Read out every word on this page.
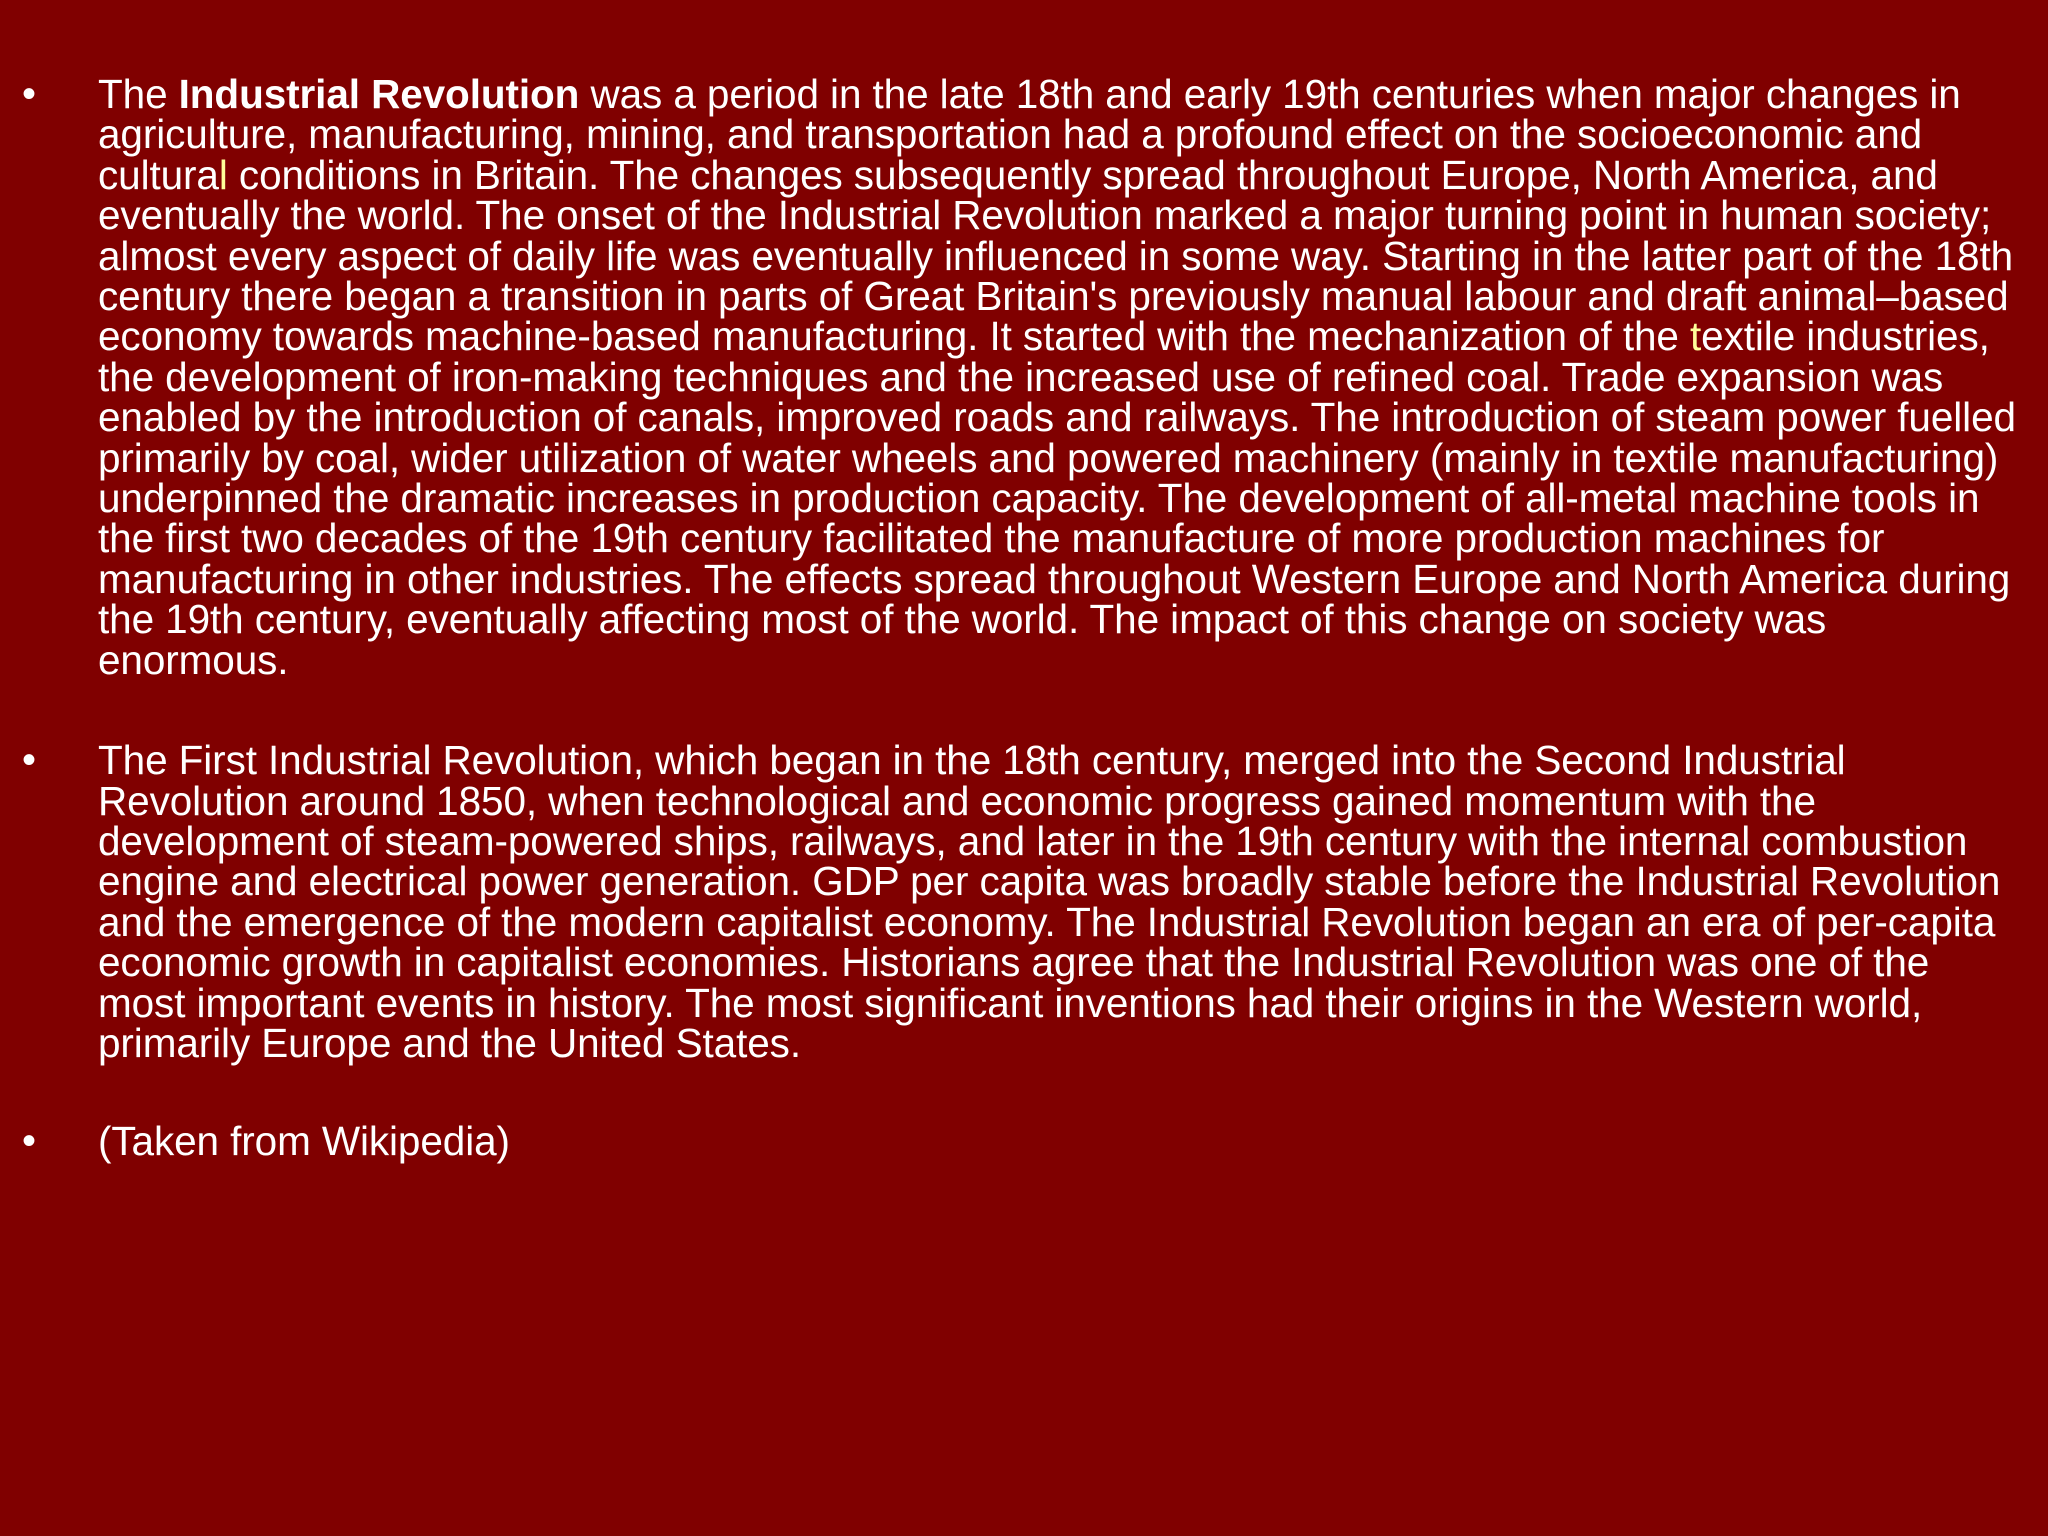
•	The Industrial Revolution was a period in the late 18th and early 19th centuries when major changes in agriculture, manufacturing, mining, and transportation had a profound effect on the socioeconomic and cultural conditions in Britain. The changes subsequently spread throughout Europe, North America, and eventually the world. The onset of the Industrial Revolution marked a major turning point in human society; almost every aspect of daily life was eventually influenced in some way. Starting in the latter part of the 18th century there began a transition in parts of Great Britain's previously manual labour and draft animal–based economy towards machine-based manufacturing. It started with the mechanization of the textile industries, the development of iron-making techniques and the increased use of refined coal. Trade expansion was enabled by the introduction of canals, improved roads and railways. The introduction of steam power fuelled primarily by coal, wider utilization of water wheels and powered machinery (mainly in textile manufacturing) underpinned the dramatic increases in production capacity. The development of all-metal machine tools in the first two decades of the 19th century facilitated the manufacture of more production machines for manufacturing in other industries. The effects spread throughout Western Europe and North America during the 19th century, eventually affecting most of the world. The impact of this change on society was enormous.

•	The First Industrial Revolution, which began in the 18th century, merged into the Second Industrial Revolution around 1850, when technological and economic progress gained momentum with the development of steam-powered ships, railways, and later in the 19th century with the internal combustion engine and electrical power generation. GDP per capita was broadly stable before the Industrial Revolution and the emergence of the modern capitalist economy. The Industrial Revolution began an era of per-capita economic growth in capitalist economies. Historians agree that the Industrial Revolution was one of the most important events in history. The most significant inventions had their origins in the Western world, primarily Europe and the United States.

•	(Taken from Wikipedia)
